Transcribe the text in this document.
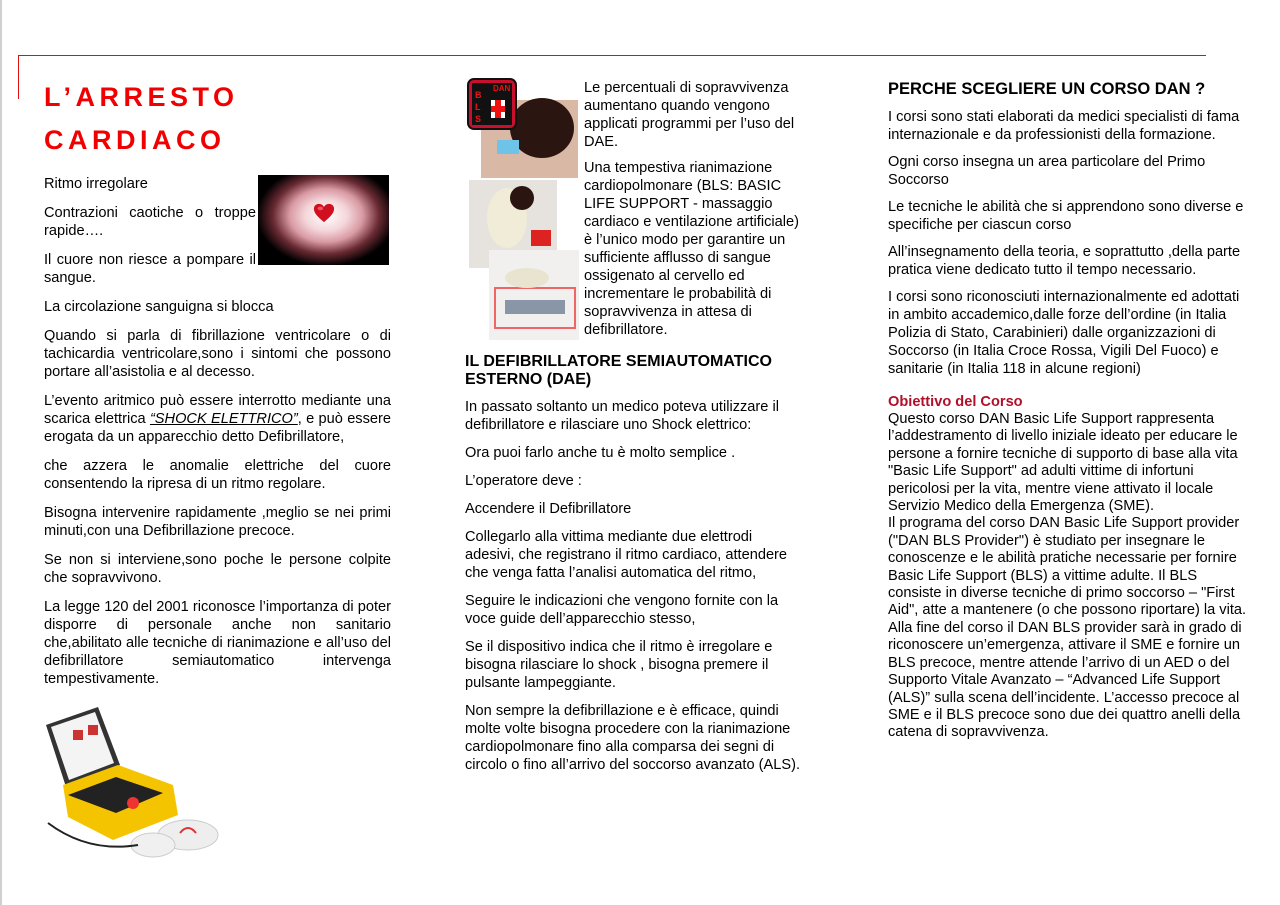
L’ARRESTO
CARDIACO

Ritmo irregolare

Contrazioni caotiche o troppe rapide….

Il cuore non riesce a pompare il sangue.

La circolazione sanguigna si blocca

Quando si parla di fibrillazione ventricolare o di tachicardia ventricolare,sono i sintomi che possono portare all’asistolia e al decesso.

L’evento aritmico può essere interrotto mediante una scarica elettrica “SHOCK ELETTRICO”, e può essere erogata da un apparecchio detto Defibrillatore,

che azzera le anomalie elettriche del cuore consentendo la ripresa di un ritmo regolare.

Bisogna intervenire rapidamente ,meglio se nei primi minuti,con una Defibrillazione precoce.

Se non si interviene,sono poche le persone colpite che sopravvivono.

La legge 120 del 2001 riconosce l’importanza di poter disporre di personale anche non sanitario che,abilitato alle tecniche di rianimazione e all’uso del defibrillatore semiautomatico intervenga tempestivamente.

DAN
B
L
S

Le percentuali di sopravvivenza aumentano quando vengono applicati programmi per l’uso del DAE.

Una tempestiva rianimazione cardiopolmonare (BLS: BASIC LIFE SUPPORT - massaggio cardiaco e ventilazione artificiale) è l’unico modo per garantire un sufficiente afflusso di sangue ossigenato al cervello ed incrementare le probabilità di sopravvivenza in attesa di defibrillatore.

IL DEFIBRILLATORE SEMIAUTOMATICO ESTERNO (DAE)

In passato soltanto un medico poteva utilizzare il defibrillatore e rilasciare uno Shock elettrico:

Ora puoi farlo anche tu è molto semplice .

L’operatore deve :

Accendere il Defibrillatore

Collegarlo alla vittima mediante due elettrodi adesivi, che registrano il ritmo cardiaco, attendere che venga fatta l’analisi automatica del ritmo,

Seguire le indicazioni che vengono fornite con la voce guide dell’apparecchio stesso,

Se il dispositivo indica che il ritmo è irregolare e bisogna rilasciare lo shock , bisogna premere il pulsante lampeggiante.

Non sempre la defibrillazione e è efficace, quindi molte volte bisogna procedere con la rianimazione cardiopolmonare fino alla comparsa dei segni di circolo o fino all’arrivo del soccorso avanzato (ALS).

PERCHE SCEGLIERE UN CORSO DAN ?

I corsi sono stati elaborati da medici specialisti di fama internazionale e da professionisti della formazione.

Ogni corso insegna un area particolare del Primo Soccorso

Le tecniche le abilità che si apprendono sono diverse e specifiche per ciascun corso

All’insegnamento della teoria, e soprattutto ,della parte pratica viene dedicato tutto il tempo necessario.

I corsi sono riconosciuti internazionalmente ed adottati in ambito accademico,dalle forze dell’ordine (in Italia Polizia di Stato, Carabinieri) dalle organizzazioni di Soccorso (in Italia Croce Rossa, Vigili Del Fuoco) e sanitarie (in Italia 118 in alcune regioni)

Obiettivo del Corso

Questo corso DAN Basic Life Support rappresenta l’addestramento di livello iniziale ideato per educare le persone a fornire tecniche di supporto di base alla vita "Basic Life Support" ad adulti vittime di infortuni pericolosi per la vita, mentre viene attivato il locale Servizio Medico della Emergenza (SME).

Il programa del corso DAN Basic Life Support provider ("DAN BLS Provider") è studiato per insegnare le conoscenze e le abilità pratiche necessarie per fornire Basic Life Support (BLS) a vittime adulte. Il BLS consiste in diverse tecniche di primo soccorso – "First Aid", atte a mantenere (o che possono riportare) la vita. Alla fine del corso il DAN BLS provider sarà in grado di riconoscere un’emergenza, attivare il SME e fornire un BLS precoce, mentre attende l’arrivo di un AED o del Supporto Vitale Avanzato – “Advanced Life Support (ALS)” sulla scena dell’incidente. L’accesso precoce al SME e il BLS precoce sono due dei quattro anelli della catena di sopravvivenza.
